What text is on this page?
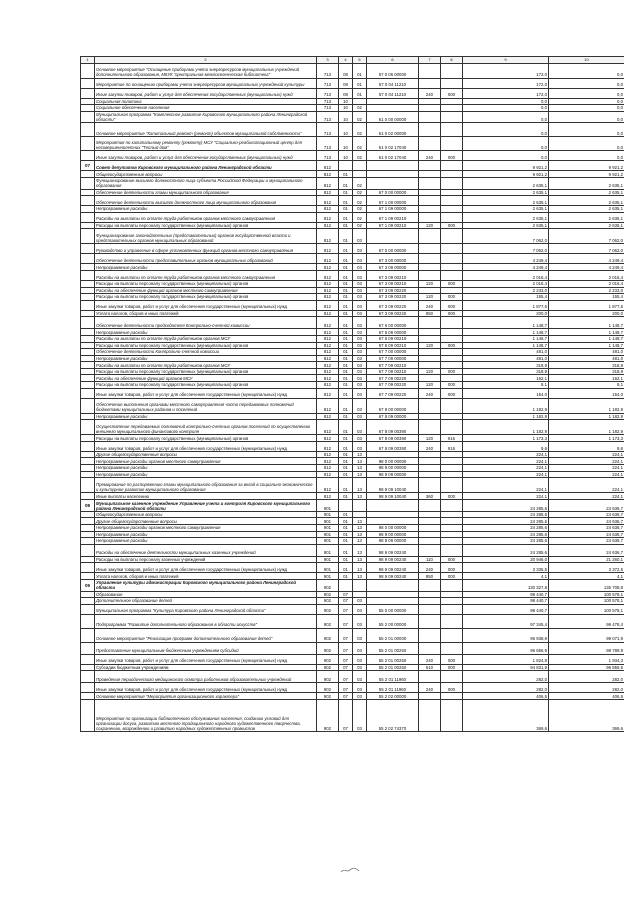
1	2	3	4	5	6	7	8	9	10
	Основное мероприятие "Оснащение приборами учета энергоресурсов муниципальных учреждений дополнительного образования, МКУК "Центральная межпоселенческая библиотека"	713	08	01	57 0 06 00000			172,0	0,0
	Мероприятие по оснащению приборами учета энергоресурсов муниципальных учреждений культуры	713	08	01	57 0 04 11210			172,0	0,0
	Иные закупки товаров, работ и услуг для обеспечения государственных (муниципальных) нужд	713	08	01	57 0 04 11210	240	000	172,0	0,0
	Социальная политика	713	10					0,0	0,0
	Социальное обеспечение населения	713	10	02				0,0	0,0
	Муниципальная программа "Комплексное развитие Кировского муниципального района Ленинградской области"	713	10	02	61 0 00 00000			0,0	0,0
	Основное мероприятие "Капитальный ремонт (ремонт) объектов муниципальной собственности"	713	10	02	61 0 02 00000			0,0	0,0
	Мероприятия по капитальному ремонту (ремонту) МСУ "Социально-реабилитационный центр для несовершеннолетних "Теплый дом"	713	10	02	61 0 02 17040			0,0	0,0
	Иные закупки товаров, работ и услуг для обеспечения государственных (муниципальных) нужд	713	10	02	61 0 02 17040	240	000	0,0	0,0
07	Совет депутатов Кировского муниципального района Ленинградской области	812						9 921,2	9 921,2
	Общегосударственные вопросы	812	01					9 921,2	9 921,2
	Функционирование высшего должностного лица субъекта Российской Федерации и муниципального образования	812	01	02				2 635,1	2 635,1
	Обеспечение деятельности главы муниципального образования	812	01	02	67 0 00 00000			2 635,1	2 635,1
	Обеспечение деятельности высшего должностного лица муниципального образования	812	01	02	67 1 00 00000			2 635,1	2 635,1
	Непрограммные расходы	812	01	02	67 1 09 00000			2 635,1	2 635,1
	Расходы на выплаты по оплате труда работников органов местного самоуправления	812	01	02	67 1 09 00210			2 635,1	2 635,1
	Расходы на выплаты персоналу государственных (муниципальных) органов	812	01	02	67 1 09 00210	120	000	2 635,1	2 635,1
	Функционирование законодательных (представительных) органов государственной власти и представительных органов муниципальных образований	812	01	03				7 062,0	7 062,0
	Руководство и управление в сфере установленных функций органов местного самоуправления	812	01	03	67 0 00 00000			7 062,0	7 062,0
	Обеспечение деятельности представительных органов муниципальных образований	812	01	03	67 3 00 00000			4 249,4	4 249,4
	Непрограммные расходы	812	01	03	67 3 09 00000			4 249,4	4 249,4
	Расходы на выплаты по оплате труда работников органов местного самоуправления	812	01	03	67 3 09 00210			2 016,4	2 016,4
	Расходы на выплаты персоналу государственных (муниципальных) органов	812	01	03	67 3 09 00210	120	000	2 016,4	2 016,4
	Расходы на обеспечение функций органов местного самоуправления	812	01	03	67 3 09 00220			2 233,0	2 233,0
	Расходы на выплаты персоналу государственных (муниципальных) органов	812	01	03	67 3 09 00220	120	000	155,4	155,4
	Иные закупки товаров, работ и услуг для обеспечения государственных (муниципальных) нужд	812	01	03	67 3 09 00220	240	000	1 877,6	1 877,6
	Уплата налогов, сборов и иных платежей	812	01	03	67 3 09 00220	850	000	200,0	200,0
	Обеспечение деятельности председателя Контрольно-счетной комиссии	812	01	03	67 6 00 00000			1 148,7	1 148,7
	Непрограммные расходы	812	01	03	67 6 09 00000			1 148,7	1 148,7
	Расходы на выплаты по оплате труда работников органов МСУ	812	01	03	67 6 09 00210			1 148,7	1 148,7
	Расходы на выплаты персоналу государственных (муниципальных) органов	812	01	03	67 6 09 00210	120	000	1 148,7	1 148,7
	Обеспечение деятельности Контрольно-счетной комиссии	812	01	03	67 7 00 00000			481,0	481,0
	Непрограммные расходы	812	01	03	67 7 09 00000			481,0	481,0
	Расходы на выплаты по оплате труда работников органов МСУ	812	01	03	67 7 09 00210			318,9	318,9
	Расходы на выплаты персоналу государственных (муниципальных) органов	812	01	03	67 7 09 00210	120	000	318,9	318,9
	Расходы на обеспечение функций органов МСУ	812	01	03	67 7 09 00220			162,1	162,1
	Расходы на выплаты персоналу государственных (муниципальных) органов	812	01	03	67 7 09 00220	120	000	8,1	8,1
	Иные закупки товаров, работ и услуг для обеспечения государственных (муниципальных) нужд	812	01	03	67 7 09 00220	240	000	154,0	154,0
	Обеспечение выполнения органами местного самоуправления части передаваемых полномочий бюджетами муниципальных районов и поселений	812	01	03	67 8 00 00000			1 182,9	1 182,9
	Непрограммные расходы	812	01	03	67 8 09 00000			1 182,9	1 182,9
	Осуществление передаваемых полномочий контрольно-счетных органов поселений по осуществлению внешнего муниципального финансового контроля	812	01	03	67 8 09 00390			1 182,9	1 182,9
	Расходы на выплаты персоналу государственных (муниципальных) органов	812	01	03	67 8 09 00390	120	916	1 173,3	1 173,3
	Иные закупки товаров, работ и услуг для обеспечения государственных (муниципальных) нужд	812	01	03	67 8 09 00390	240	916	9,6	9,6
	Другие общегосударственные вопросы	812	01	13				224,1	224,1
	Непрограммные расходы органов местного самоуправления	812	01	13	98 0 00 00000			224,1	224,1
	Непрограммные расходы	812	01	13	98 9 00 00000			224,1	224,1
	Непрограммные расходы	812	01	13	98 9 09 00000			224,1	224,1
	Премирование по распоряжению главы муниципального образования за вклад в социально-экономическое и культурное развитие муниципального образования	812	01	13	98 9 09 10040			224,1	224,1
	Иные выплаты населению	812	01	13	98 9 09 10040	360	000	224,1	224,1
08	Муниципальное казенное учреждение Управление учета и контроля Кировского муниципального района Ленинградской области	901						24 285,6	24 636,7
	Общегосударственные вопросы	901	01					24 285,6	24 636,7
	Другие общегосударственные вопросы	901	01	13				24 285,6	24 636,7
	Непрограммные расходы органов местного самоуправления	901	01	13	98 0 00 00000			24 285,6	24 636,7
	Непрограммные расходы	901	01	13	98 9 00 00000			24 285,6	24 636,7
	Непрограммные расходы	901	01	13	98 9 09 00000			24 285,6	24 636,7
	Расходы на обеспечение деятельности муниципальных казенных учреждений	901	01	13	98 9 09 00240			24 285,6	24 636,7
	Расходы на выплаты персоналу казенных учреждений	901	01	13	98 9 09 00240	110	000	20 946,0	21 260,1
	Иные закупки товаров, работ и услуг для обеспечения государственных (муниципальных) нужд	901	01	13	98 9 09 00240	240	000	3 335,5	3 372,5
	Уплата налогов, сборов и иных платежей	901	01	13	98 9 09 00240	850	000	4,1	4,1
09	Управление культуры администрации Кировского муниципального района Ленинградской области	902						130 327,8	135 708,8
	Образование	902	07					98 440,7	100 578,1
	Дополнительное образование детей	902	07	03				98 440,7	100 578,1
	Муниципальная программа "Культура Кировского района Ленинградской области"	902	07	03	55 0 00 00000			98 440,7	100 578,1
	Подпрограмма "Развитие дополнительного образования в области искусств"	902	07	03	55 2 00 00000			97 345,4	99 478,4
	Основное мероприятие "Реализация программ дополнительного образования детей"	902	07	03	55 2 01 00000			96 938,9	99 071,9
	Предоставление муниципальным бюджетным учреждениям субсидий	902	07	03	55 2 01 00250			96 656,9	98 789,9
	Иные закупки товаров, работ и услуг для обеспечения государственных (муниципальных) нужд	902	07	03	55 2 01 00250	240	000	1 824,8	1 934,3
	Субсидии бюджетным учреждениям	902	07	03	55 2 01 00250	610	000	94 831,9	96 855,5
	Проведение периодического медицинского осмотра работников образовательных учреждений	902	07	03	55 2 01 11960			282,0	282,0
	Иные закупки товаров, работ и услуг для обеспечения государственных (муниципальных) нужд	902	07	03	55 2 01 11960	240	000	282,0	282,0
	Основное мероприятие "Мероприятия организационного характера"	902	07	03	55 2 02 00000			406,5	406,5
	Мероприятия по организации библиотечного обслуживания населения, созданию условий для организации досуга, развитию местного традиционного народного художественного творчества, сохранению, возрождению и развитию народных художественных промыслов	902	07	03	55 2 02 74370			369,6	369,6
